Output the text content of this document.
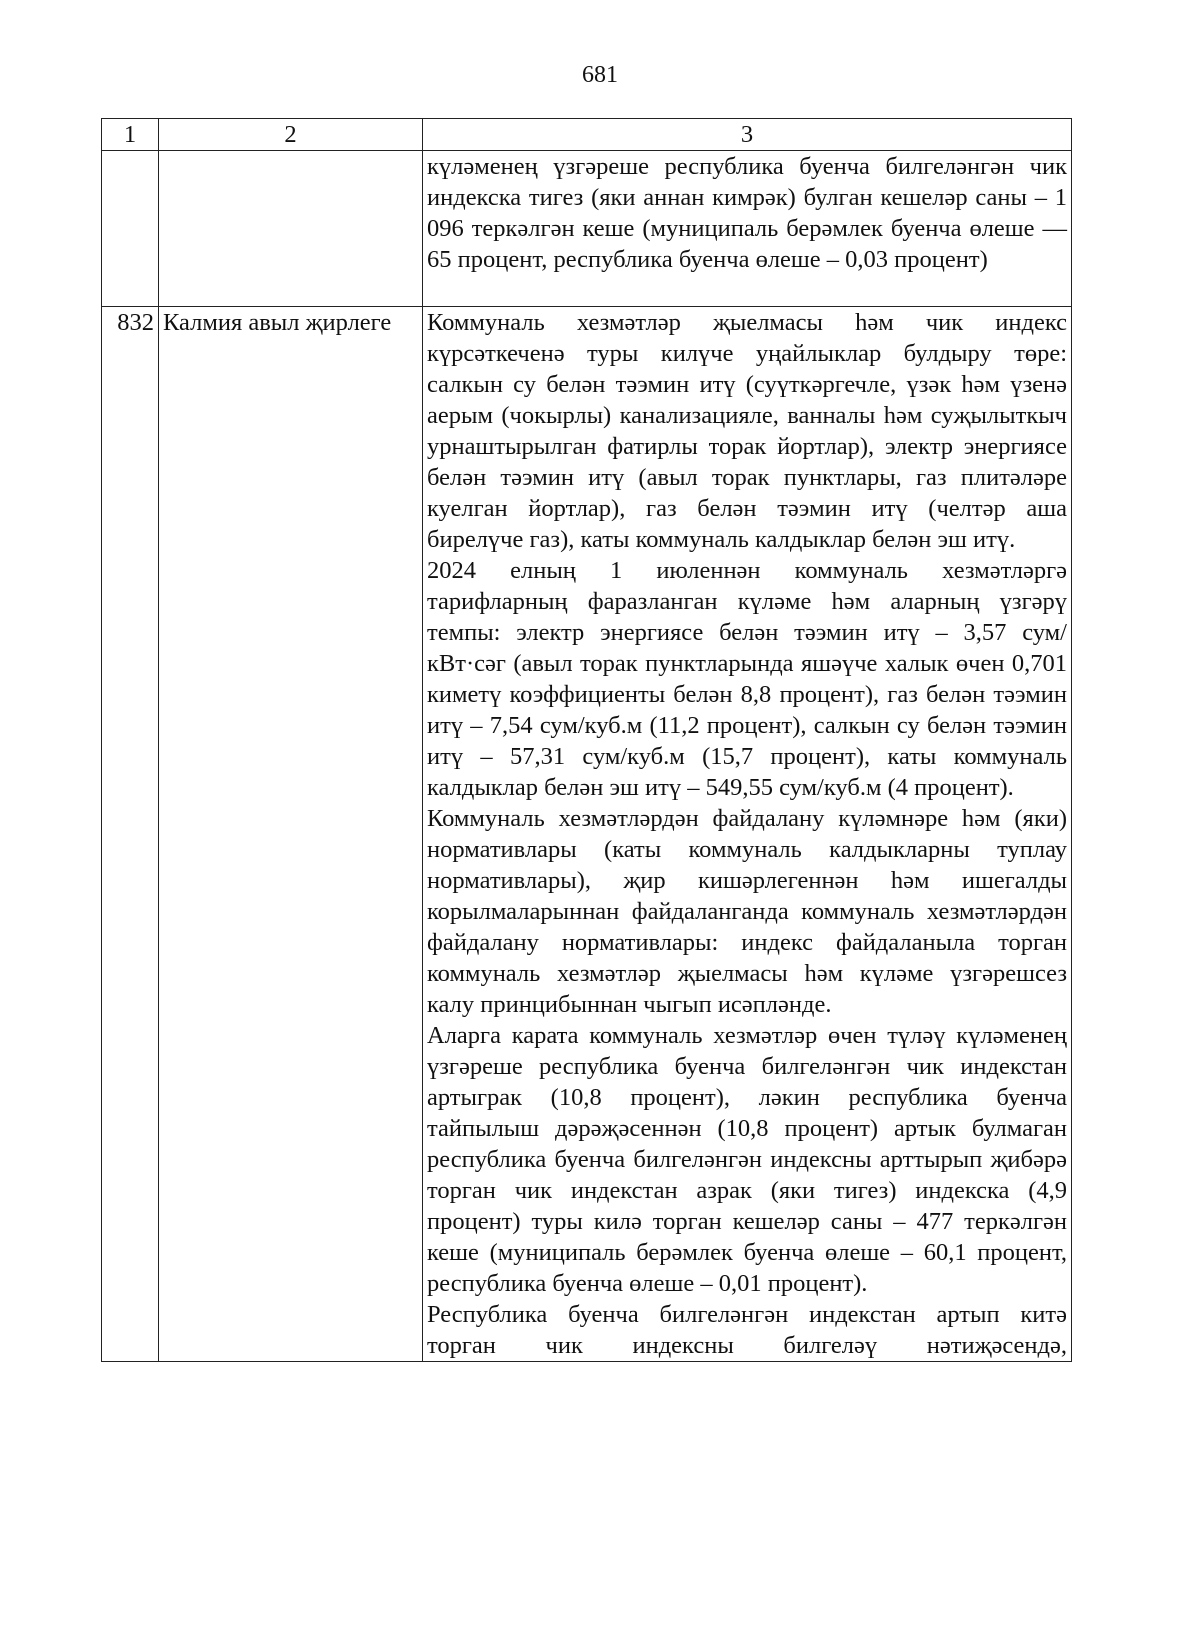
681
1	2	3

		күләменең үзгәреше республика буенча билгеләнгән чик индекска тигез (яки аннан кимрәк) булган кешеләр саны – 1 096 теркәлгән кеше (муниципаль берәмлек буенча өлеше — 65 процент, республика буенча өлеше – 0,03 процент)

832	Калмия авыл җирлеге	Коммуналь хезмәтләр җыелмасы һәм чик индекс күрсәткеченә туры килүче уңайлыклар булдыру төре: салкын су белән тәэмин итү (суүткәргечле, үзәк һәм үзенә аерым (чокырлы) канализацияле, ванналы һәм суҗылыткыч урнаштырылган фатирлы торак йортлар), электр энергиясе белән тәэмин итү (авыл торак пунктлары, газ плитәләре куелган йортлар), газ белән тәэмин итү (челтәр аша бирелүче газ), каты коммуналь калдыклар белән эш итү.

2024 елның 1 июленнән коммуналь хезмәтләргә тарифларның фаразланган күләме һәм аларның үзгәрү темпы: электр энергиясе белән тәэмин итү – 3,57 сум/кВт·сәг (авыл торак пунктларында яшәүче халык өчен 0,701 киметү коэффициенты белән 8,8 процент), газ белән тәэмин итү – 7,54 сум/куб.м (11,2 процент), салкын су белән тәэмин итү – 57,31 сум/куб.м (15,7 процент), каты коммуналь калдыклар белән эш итү – 549,55 сум/куб.м (4 процент).

Коммуналь хезмәтләрдән файдалану күләмнәре һәм (яки) нормативлары (каты коммуналь калдыкларны туплау нормативлары), җир кишәрлегеннән һәм ишегалды корылмаларыннан файдаланганда коммуналь хезмәтләрдән файдалану нормативлары: индекс файдаланыла торган коммуналь хезмәтләр җыелмасы һәм күләме үзгәрешсез калу принцибыннан чыгып исәпләнде.

Аларга карата коммуналь хезмәтләр өчен түләү күләменең үзгәреше республика буенча билгеләнгән чик индекстан артыграк (10,8 процент), ләкин республика буенча тайпылыш дәрәҗәсеннән (10,8 процент) артык булмаган республика буенча билгеләнгән индексны арттырып җибәрә торган чик индекстан азрак (яки тигез) индекска (4,9 процент) туры килә торган кешеләр саны – 477 теркәлгән кеше (муниципаль берәмлек буенча өлеше – 60,1 процент, республика буенча өлеше – 0,01 процент).

Республика буенча билгеләнгән индекстан артып китә торган чик индексны билгеләү нәтиҗәсендә,
